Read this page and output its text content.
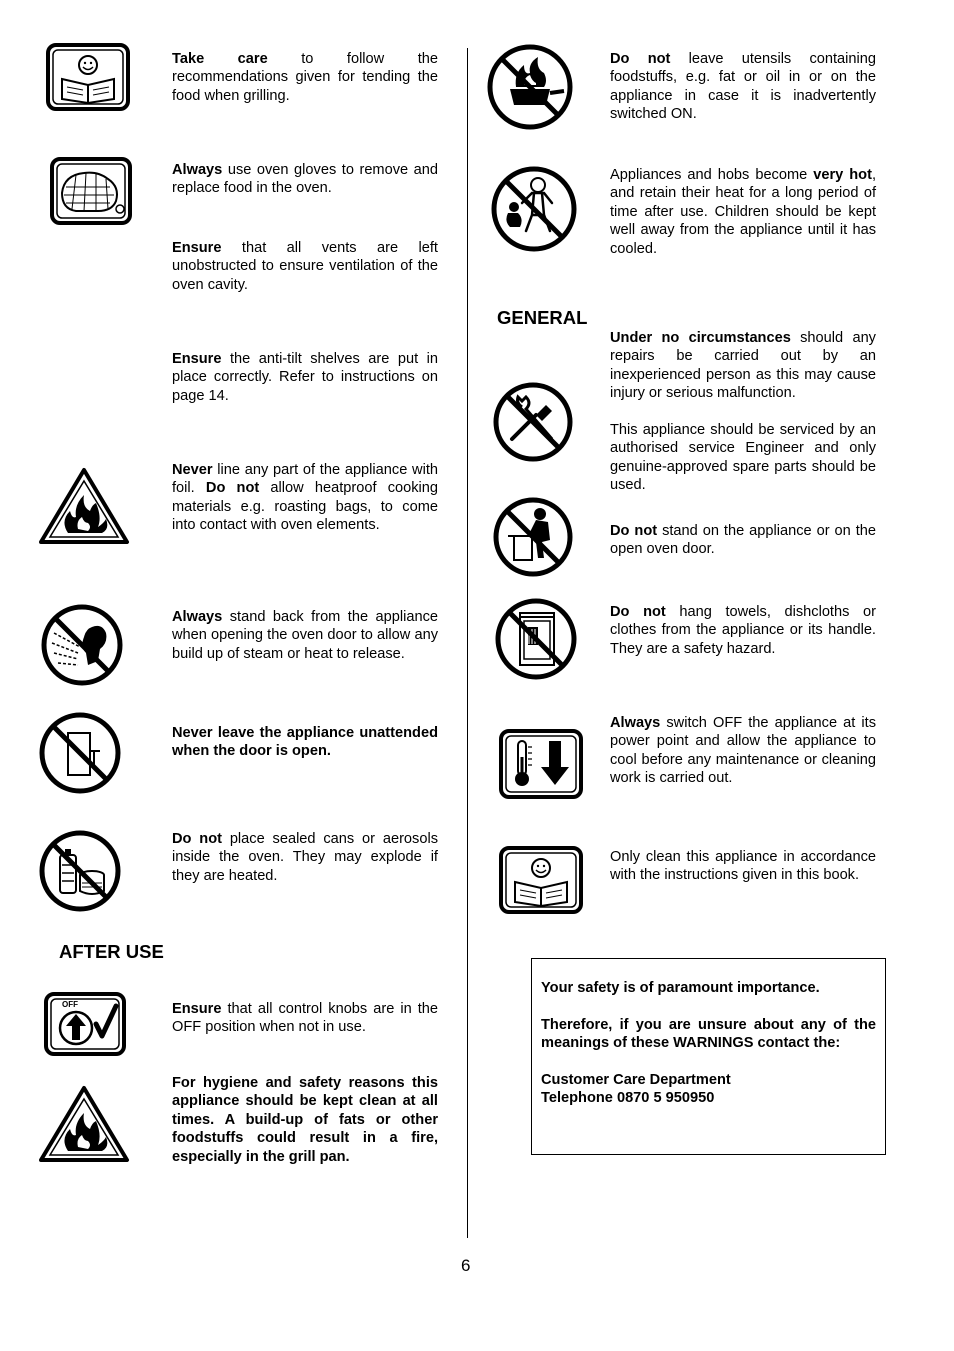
Take care to follow the recommendations given for tending the food when grilling.
Always use oven gloves to remove and replace food in the oven.
Ensure that all vents are left unobstructed to ensure ventilation of the oven cavity.
Ensure the anti-tilt shelves are put in place correctly. Refer to instructions on page 14.
Never line any part of the appliance with foil. Do not allow heatproof cooking materials e.g. roasting bags, to come into contact with oven elements.
Always stand back from the appliance when opening the oven door to allow any build up of steam or heat to release.
Never leave the appliance unattended when the door is open.
Do not place sealed cans or aerosols inside the oven. They may explode if they are heated.
AFTER USE
OFF	Ensure that all control knobs are in the OFF position when not in use.
For hygiene and safety reasons this appliance should be kept clean at all times. A build-up of fats or other foodstuffs could result in a fire, especially in the grill pan.
Do not leave utensils containing foodstuffs, e.g. fat or oil in or on the appliance in case it is inadvertently switched ON.
Appliances and hobs become very hot, and retain their heat for a long period of time after use. Children should be kept well away from the appliance until it has cooled.
GENERAL
Under no circumstances should any repairs be carried out by an inexperienced person as this may cause injury or serious malfunction.
This appliance should be serviced by an authorised service Engineer and only genuine-approved spare parts should be used.
Do not stand on the appliance or on the open oven door.
Do not hang towels, dishcloths or clothes from the appliance or its handle. They are a safety hazard.
Always switch OFF the appliance at its power point and allow the appliance to cool before any maintenance or cleaning work is carried out.
Only clean this appliance in accordance with the instructions given in this book.

Your safety is of paramount importance.

Therefore, if you are unsure about any of the meanings of these WARNINGS contact the:

Customer Care Department
Telephone 0870 5 950950
6
